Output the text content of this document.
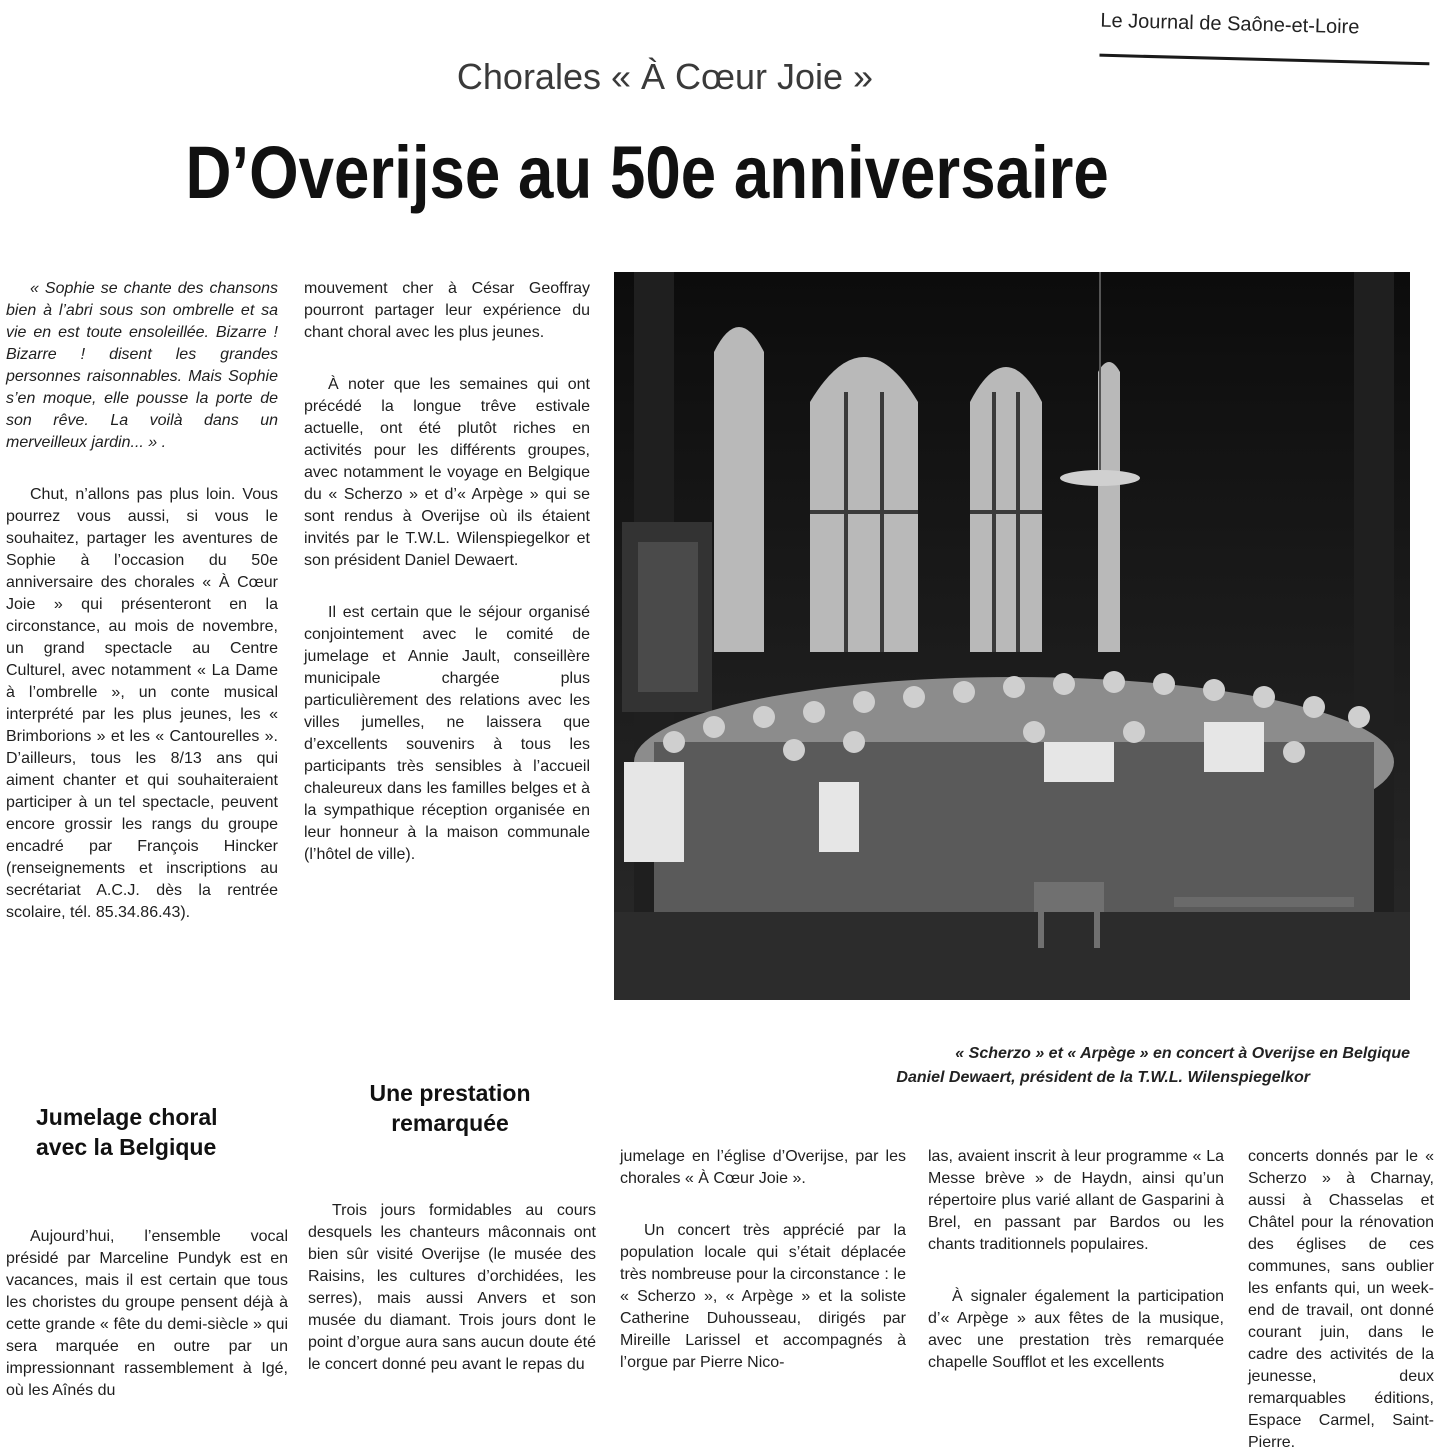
Le Journal de Saône-et-Loire
Chorales « À Cœur Joie »
D’Overijse au 50e anniversaire

« Sophie se chante des chansons bien à l’abri sous son ombrelle et sa vie en est toute ensoleillée. Bizarre ! Bizarre ! disent les grandes personnes raisonnables. Mais Sophie s’en moque, elle pousse la porte de son rêve. La voilà dans un merveilleux jardin... » .

Chut, n’allons pas plus loin. Vous pourrez vous aussi, si vous le souhaitez, partager les aventures de Sophie à l’occasion du 50e anniversaire des chorales « À Cœur Joie » qui présenteront en la circonstance, au mois de novembre, un grand spectacle au Centre Culturel, avec notamment « La Dame à l’ombrelle », un conte musical interprété par les plus jeunes, les « Brimborions » et les « Cantourelles ». D’ailleurs, tous les 8/13 ans qui aiment chanter et qui souhaiteraient participer à un tel spectacle, peuvent encore grossir les rangs du groupe encadré par François Hincker (renseignements et inscriptions au secrétariat A.C.J. dès la rentrée scolaire, tél. 85.34.86.43).

Jumelage choral avec la Belgique

Aujourd’hui, l’ensemble vocal présidé par Marceline Pundyk est en vacances, mais il est certain que tous les choristes du groupe pensent déjà à cette grande « fête du demi-siècle » qui sera marquée en outre par un impressionnant rassemblement à Igé, où les Aînés du

mouvement cher à César Geoffray pourront partager leur expérience du chant choral avec les plus jeunes.

À noter que les semaines qui ont précédé la longue trêve estivale actuelle, ont été plutôt riches en activités pour les différents groupes, avec notamment le voyage en Belgique du « Scherzo » et d’« Arpège » qui se sont rendus à Overijse où ils étaient invités par le T.W.L. Wilenspiegelkor et son président Daniel Dewaert.

Il est certain que le séjour organisé conjointement avec le comité de jumelage et Annie Jault, conseillère municipale chargée plus particulièrement des relations avec les villes jumelles, ne laissera que d’excellents souvenirs à tous les participants très sensibles à l’accueil chaleureux dans les familles belges et à la sympathique réception organisée en leur honneur à la maison communale (l’hôtel de ville).

Une prestation remarquée

Trois jours formidables au cours desquels les chanteurs mâconnais ont bien sûr visité Overijse (le musée des Raisins, les cultures d’orchidées, les serres), mais aussi Anvers et son musée du diamant. Trois jours dont le point d’orgue aura sans aucun doute été le concert donné peu avant le repas du

« Scherzo » et « Arpège » en concert à Overijse en Belgique
Daniel Dewaert, président de la T.W.L. Wilenspiegelkor

jumelage en l’église d’Overijse, par les chorales « À Cœur Joie ».

Un concert très apprécié par la population locale qui s’était déplacée très nombreuse pour la circonstance : le « Scherzo », « Arpège » et la soliste Catherine Duhousseau, dirigés par Mireille Larissel et accompagnés à l’orgue par Pierre Nico-

las, avaient inscrit à leur programme « La Messe brève » de Haydn, ainsi qu’un répertoire plus varié allant de Gasparini à Brel, en passant par Bardos ou les chants traditionnels populaires.

À signaler également la participation d’« Arpège » aux fêtes de la musique, avec une prestation très remarquée chapelle Soufflot et les excellents

concerts donnés par le « Scherzo » à Charnay, aussi à Chasselas et Châtel pour la rénovation des églises de ces communes, sans oublier les enfants qui, un week-end de travail, ont donné courant juin, dans le cadre des activités de la jeunesse, deux remarquables éditions, Espace Carmel, Saint-Pierre.
